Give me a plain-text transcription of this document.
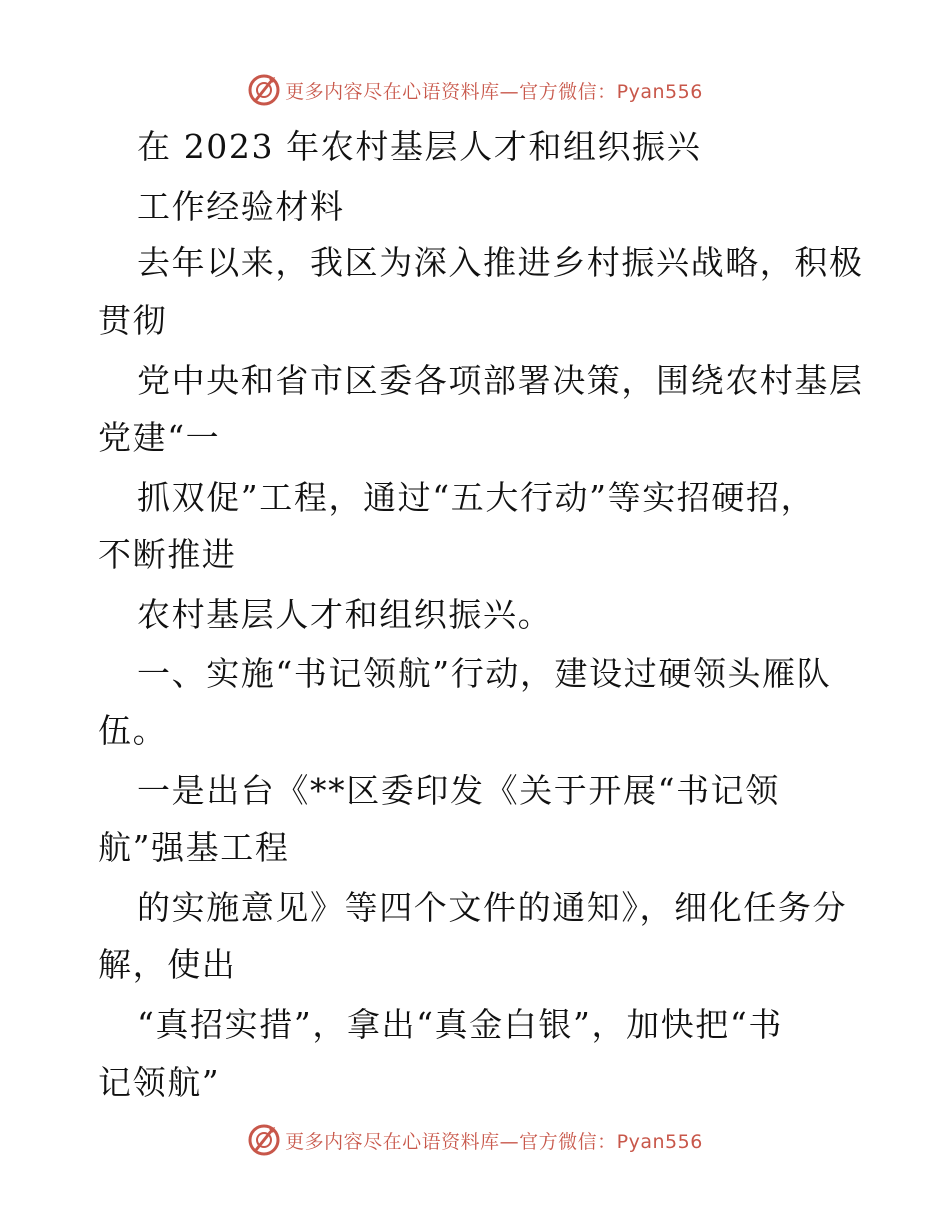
更多内容尽在心语资料库—官方微信：Pyan556
在 2023 年农村基层人才和组织振兴
工作经验材料
去年以来，我区为深入推进乡村振兴战略，积极
贯彻
党中央和省市区委各项部署决策，围绕农村基层
党建“一
抓双促”工程，通过“五大行动”等实招硬招，
不断推进
农村基层人才和组织振兴。
一、实施“书记领航”行动，建设过硬领头雁队
伍。
一是出台《**区委印发《关于开展“书记领
航”强基工程
的实施意见》等四个文件的通知》，细化任务分
解，使出
“真招实措”，拿出“真金白银”，加快把“书
记领航”
更多内容尽在心语资料库—官方微信：Pyan556
